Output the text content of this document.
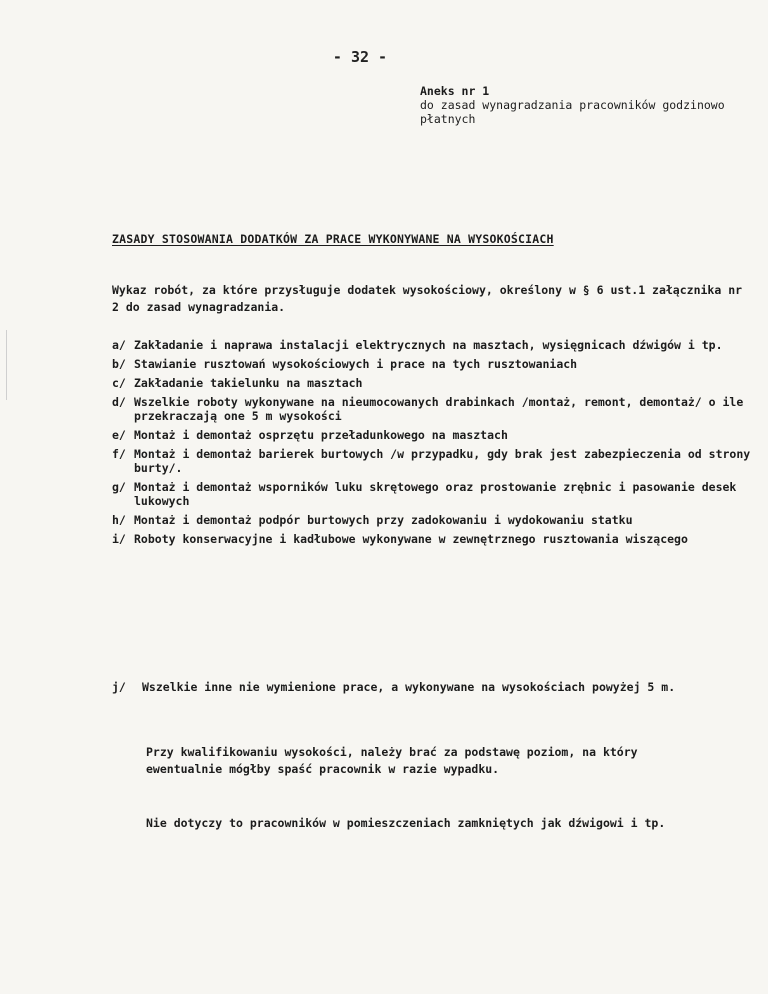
- 32 -
Aneks nr 1
do zasad wynagradzania pracowników godzinowo płatnych
ZASADY STOSOWANIA DODATKÓW ZA PRACE WYKONYWANE NA WYSOKOŚCIACH
Wykaz robót, za które przysługuje dodatek wysokościowy, określony w § 6 ust.1 załącznika nr 2 do zasad wynagradzania.
a/ Zakładanie i naprawa instalacji elektrycznych na masztach, wysięgnicach dźwigów i tp.
b/ Stawianie rusztowań wysokościowych i prace na tych rusztowaniach
c/ Zakładanie takielunku na masztach
d/ Wszelkie roboty wykonywane na nieumocowanych drabinkach /montaż, remont, demontaż/ o ile przekraczają one 5 m wysokości
e/ Montaż i demontaż osprzętu przeładunkowego na masztach
f/ Montaż i demontaż barierek burtowych /w przypadku, gdy brak jest zabezpieczenia od strony burty/.
g/ Montaż i demontaż wsporników luku skrętowego oraz prostowanie zrębnic i pasowanie desek lukowych
h/ Montaż i demontaż podpór burtowych przy zadokowaniu i wydokowaniu statku
i/ Roboty konserwacyjne i kadłubowe wykonywane w zewnętrznego rusztowania wiszącego
j/	Wszelkie inne nie wymienione prace, a wykonywane na wysokościach powyżej 5 m.
Przy kwalifikowaniu wysokości, należy brać za podstawę poziom, na który ewentualnie mógłby spaść pracownik w razie wypadku.
Nie dotyczy to pracowników w pomieszczeniach zamkniętych jak dźwigowi i tp.
